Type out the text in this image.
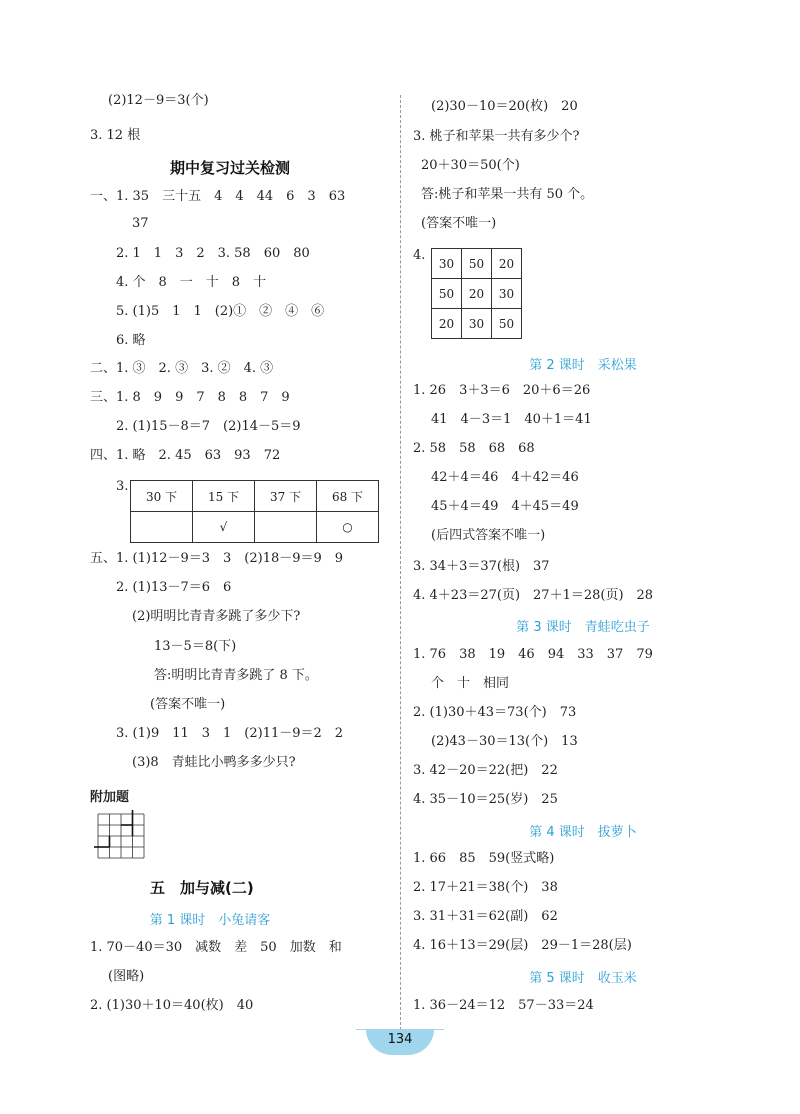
(2)12－9＝3(个)
3. 12 根
期中复习过关检测
一、1. 35　三十五　4　4　44　6　3　63
37
2. 1　1　3　2　3. 58　60　80
4. 个　8　一　十　8　十
5. (1)5　1　1　(2)①　②　④　⑥
6. 略
二、1. ③　2. ③　3. ②　4. ③
三、1. 8　9　9　7　8　8　7　9
2. (1)15－8＝7　(2)14－5＝9
四、1. 略　2. 45　63　93　72
3.
30 下	15 下	37 下	68 下
	√		○
五、1. (1)12－9＝3　3　(2)18－9＝9　9
2. (1)13－7＝6　6
(2)明明比青青多跳了多少下?
13－5＝8(下)
答:明明比青青多跳了 8 下。
(答案不唯一)
3. (1)9　11　3　1　(2)11－9＝2　2
(3)8　青蛙比小鸭多多少只?
附加题
五　加与减(二)
第 1 课时　小兔请客
1. 70－40＝30　减数　差　50　加数　和
(图略)
2. (1)30＋10＝40(枚)　40
(2)30－10＝20(枚)　20
3. 桃子和苹果一共有多少个?
20＋30＝50(个)
答:桃子和苹果一共有 50 个。
(答案不唯一)
4.
30	50	20
50	20	30
20	30	50
第 2 课时　采松果
1. 26　3＋3＝6　20＋6＝26
41　4－3＝1　40＋1＝41
2. 58　58　68　68
42＋4＝46　4＋42＝46
45＋4＝49　4＋45＝49
(后四式答案不唯一)
3. 34＋3＝37(根)　37
4. 4＋23＝27(页)　27＋1＝28(页)　28
第 3 课时　青蛙吃虫子
1. 76　38　19　46　94　33　37　79
个　十　相同
2. (1)30＋43＝73(个)　73
(2)43－30＝13(个)　13
3. 42－20＝22(把)　22
4. 35－10＝25(岁)　25
第 4 课时　拔萝卜
1. 66　85　59(竖式略)
2. 17＋21＝38(个)　38
3. 31＋31＝62(副)　62
4. 16＋13＝29(层)　29－1＝28(层)
第 5 课时　收玉米
1. 36－24＝12　57－33＝24
134
